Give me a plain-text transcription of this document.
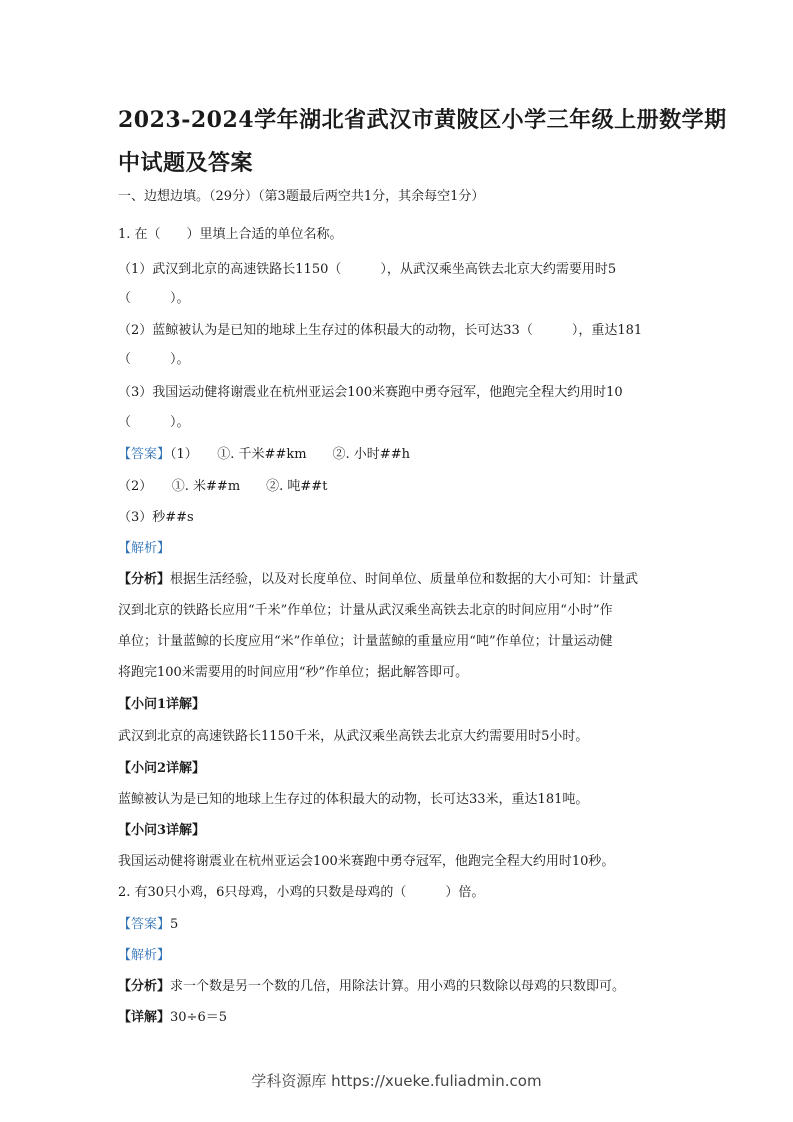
2023-2024学年湖北省武汉市黄陂区小学三年级上册数学期
中试题及答案
一、边想边填。（29分）（第3题最后两空共1分，其余每空1分）
1. 在（　　）里填上合适的单位名称。
（1）武汉到北京的高速铁路长1150（　　　），从武汉乘坐高铁去北京大约需要用时5
（　　　）。
（2）蓝鲸被认为是已知的地球上生存过的体积最大的动物，长可达33（　　　），重达181
（　　　）。
（3）我国运动健将谢震业在杭州亚运会100米赛跑中勇夺冠军，他跑完全程大约用时10
（　　　）。
【答案】（1）　　①. 千米##km　　②. 小时##h
（2）　　①. 米##m　　②. 吨##t
（3）秒##s
【解析】
【分析】根据生活经验，以及对长度单位、时间单位、质量单位和数据的大小可知：计量武
汉到北京的铁路长应用“千米”作单位；计量从武汉乘坐高铁去北京的时间应用“小时”作
单位；计量蓝鲸的长度应用“米”作单位；计量蓝鲸的重量应用“吨”作单位；计量运动健
将跑完100米需要用的时间应用“秒”作单位；据此解答即可。
【小问1详解】
武汉到北京的高速铁路长1150千米，从武汉乘坐高铁去北京大约需要用时5小时。
【小问2详解】
蓝鲸被认为是已知的地球上生存过的体积最大的动物，长可达33米，重达181吨。
【小问3详解】
我国运动健将谢震业在杭州亚运会100米赛跑中勇夺冠军，他跑完全程大约用时10秒。
2. 有30只小鸡，6只母鸡，小鸡的只数是母鸡的（　　　）倍。
【答案】5
【解析】
【分析】求一个数是另一个数的几倍，用除法计算。用小鸡的只数除以母鸡的只数即可。
【详解】30÷6＝5
学科资源库 https://xueke.fuliadmin.com
